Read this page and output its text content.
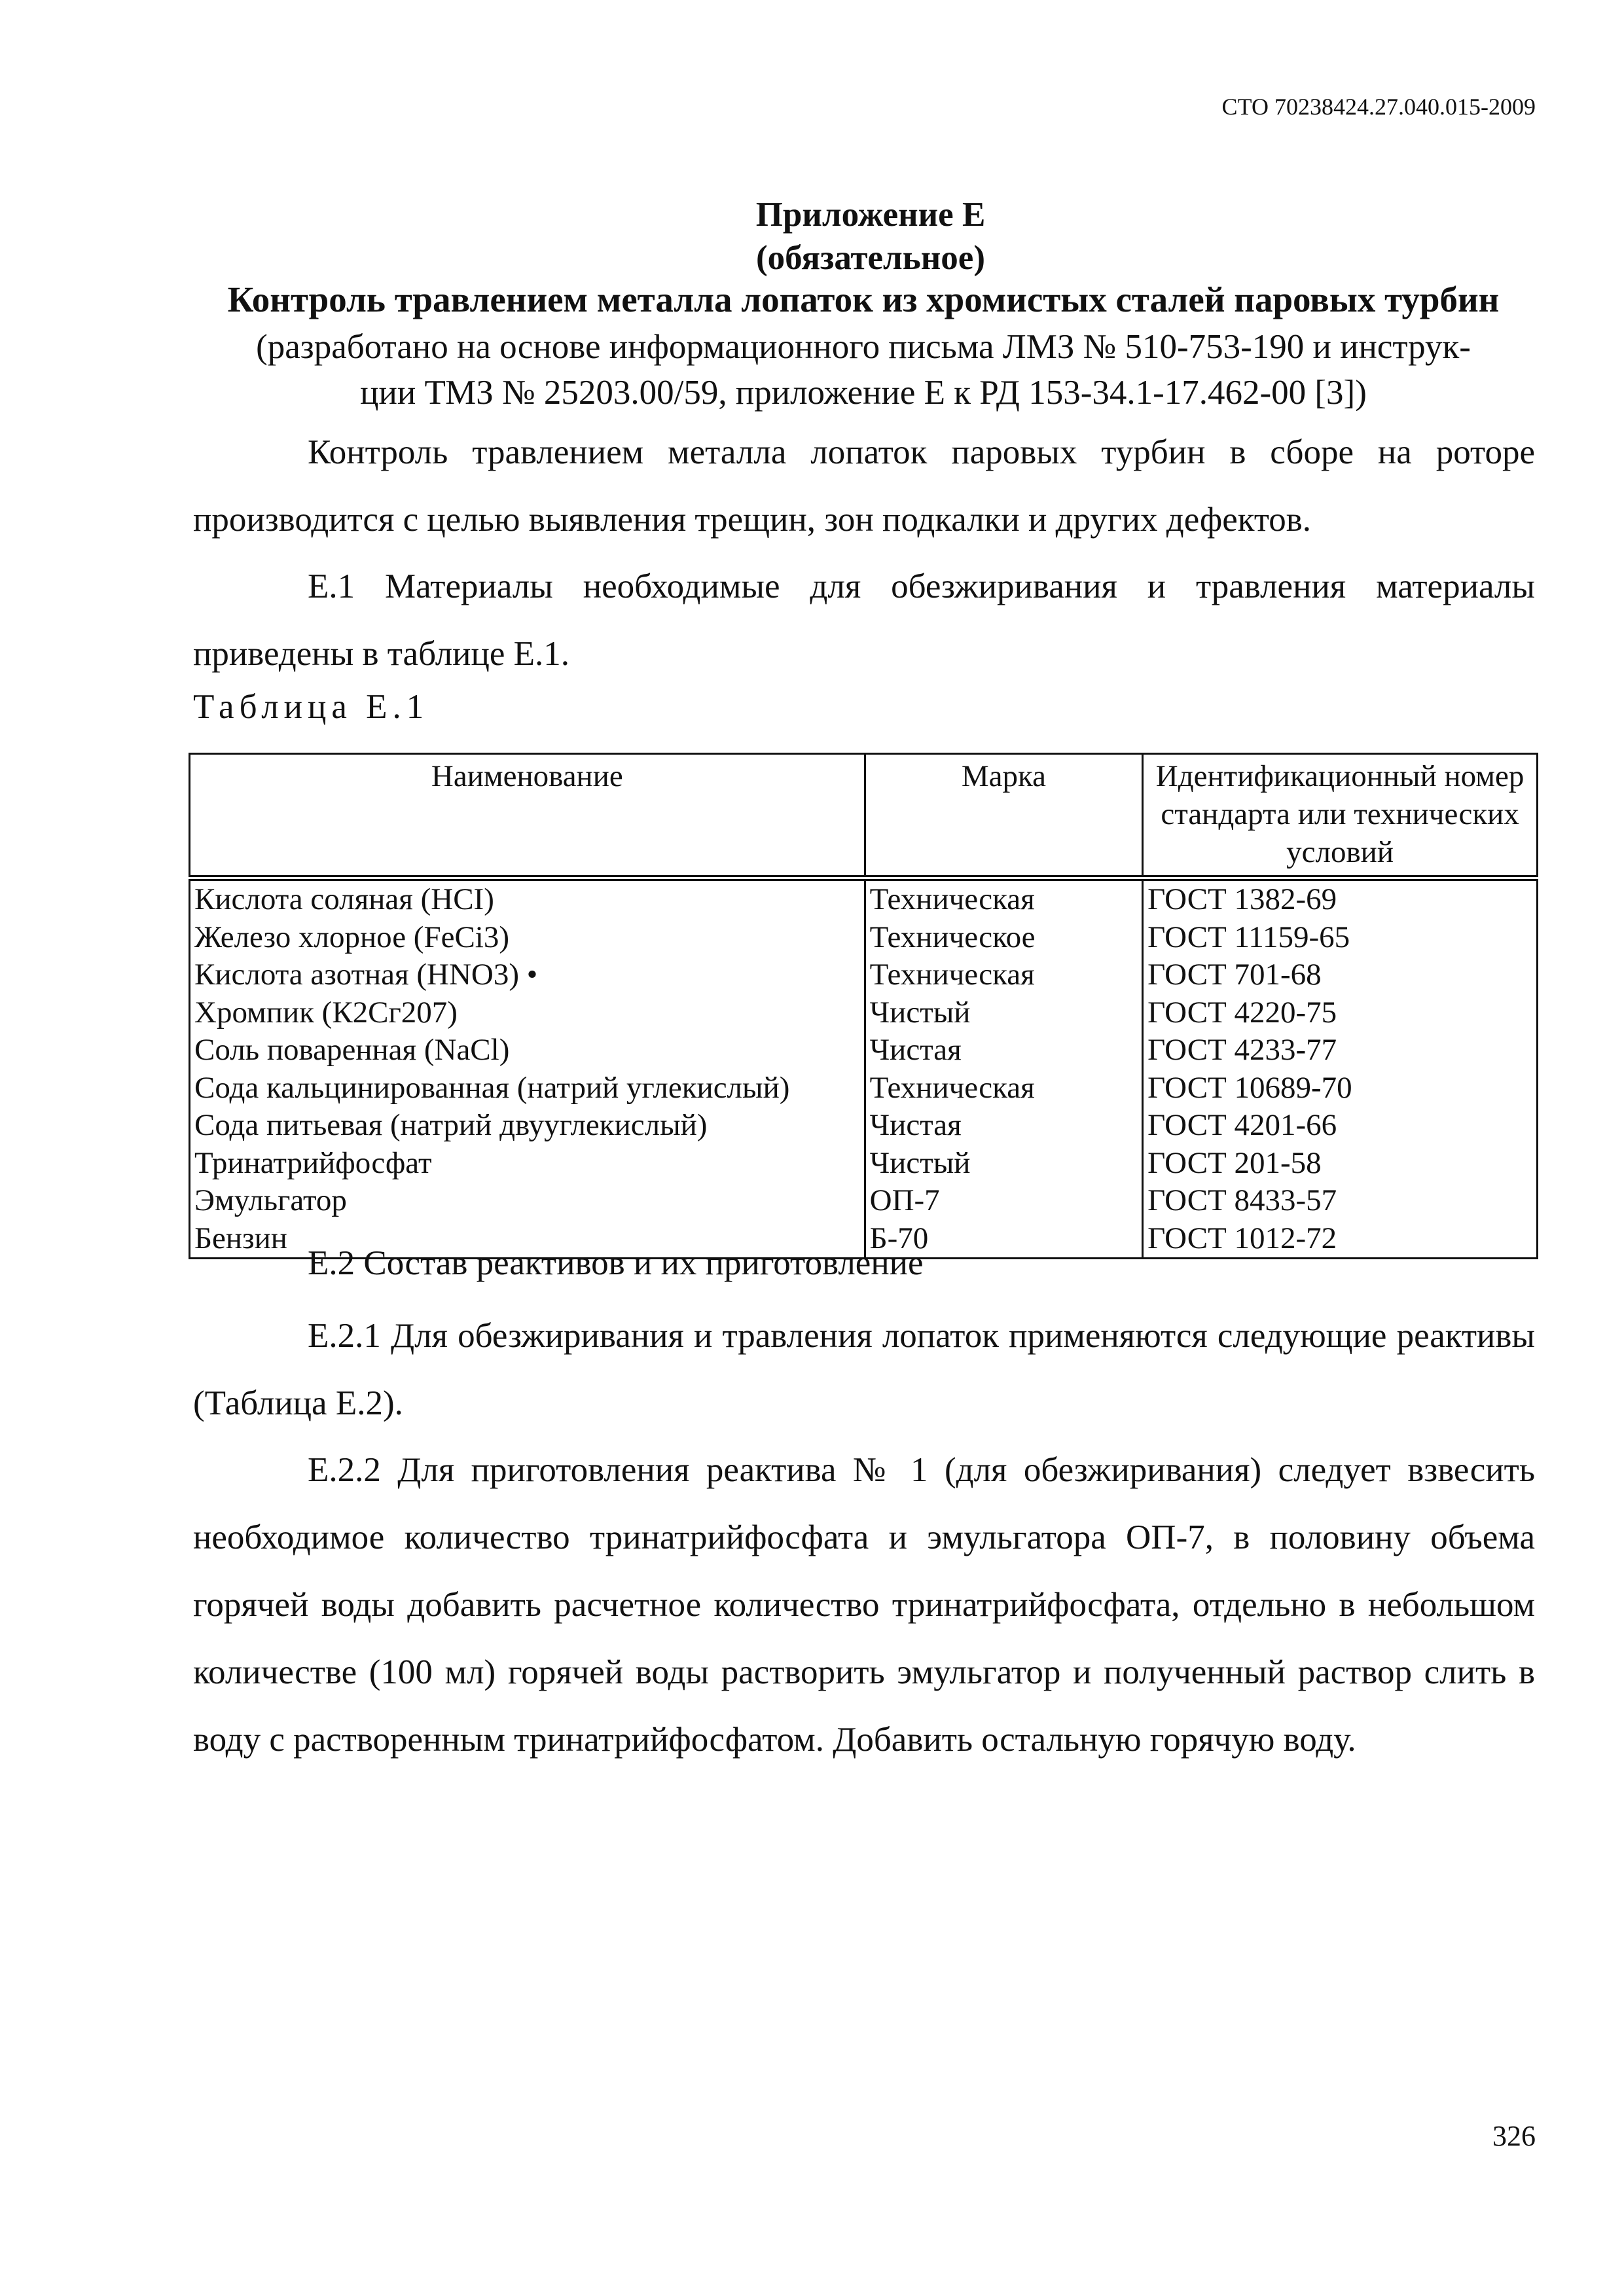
СТО 70238424.27.040.015-2009
Приложение Е
(обязательное)
Контроль травлением металла лопаток из хромистых сталей паровых турбин
(разработано на основе информационного письма ЛМЗ № 510-753-190 и инструк-
ции ТМЗ № 25203.00/59, приложение Е к РД 153-34.1-17.462-00 [3])
Контроль травлением металла лопаток паровых турбин в сборе на роторе производится с целью выявления трещин, зон подкалки и других дефектов.
Е.1 Материалы необходимые для обезжиривания и травления материалы приведены в таблице Е.1.
Таблица Е.1
Наименование	Марка	Идентификационный номер стандарта или технических условий
Кислота соляная (HCI)	Техническая	ГОСТ 1382-69
Железо хлорное (FeCi3)	Техническое	ГОСТ 11159-65
Кислота азотная (HNO3) •	Техническая	ГОСТ 701-68
Хромпик (К2Сг207)	Чистый	ГОСТ 4220-75
Соль поваренная (NaCl)	Чистая	ГОСТ 4233-77
Сода кальцинированная (натрий углекислый)	Техническая	ГОСТ 10689-70
Сода питьевая (натрий двууглекислый)	Чистая	ГОСТ 4201-66
Тринатрийфосфат	Чистый	ГОСТ 201-58
Эмульгатор	ОП-7	ГОСТ 8433-57
Бензин	Б-70	ГОСТ 1012-72
Е.2 Состав реактивов и их приготовление
Е.2.1 Для обезжиривания и травления лопаток применяются следующие реактивы (Таблица Е.2).
Е.2.2 Для приготовления реактива № 1 (для обезжиривания) следует взвесить необходимое количество тринатрийфосфата и эмульгатора ОП-7, в половину объема горячей воды добавить расчетное количество тринатрийфосфата, отдельно в небольшом количестве (100 мл) горячей воды растворить эмульгатор и полученный раствор слить в воду с растворенным тринатрийфосфатом. Добавить остальную горячую воду.
326
